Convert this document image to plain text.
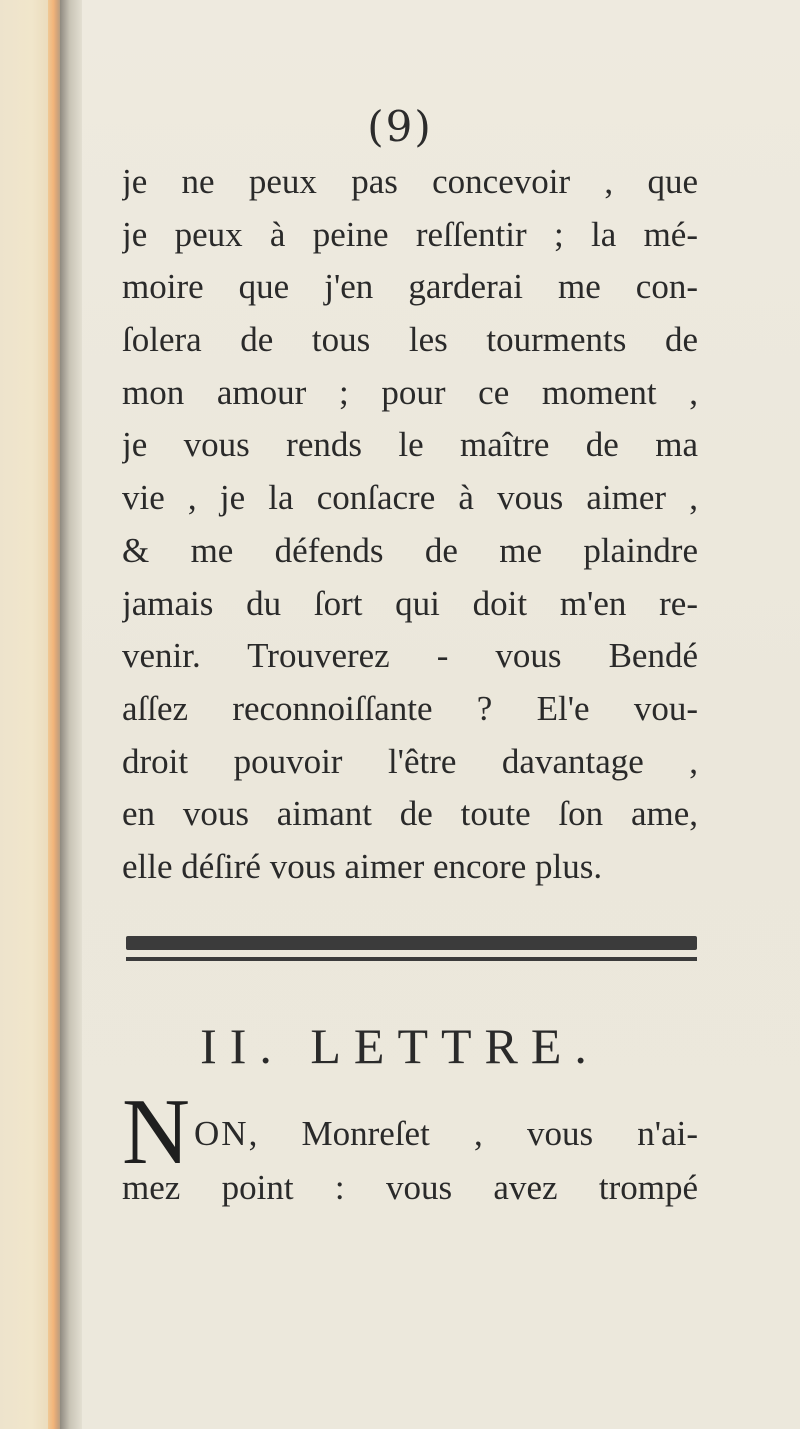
(9)
je ne peux pas concevoir , que
je peux à peine reſſentir ; la mé-
moire que j'en garderai me con-
ſolera de tous les tourments de
mon amour ; pour ce moment ,
je vous rends le maître de ma
vie , je la conſacre à vous aimer ,
& me défends de me plaindre
jamais du ſort qui doit m'en re-
venir. Trouverez - vous Bendé
aſſez reconnoiſſante ? El'e vou-
droit pouvoir l'être davantage ,
en vous aimant de toute ſon ame,
elle déſiré vous aimer encore plus.
II. LETTRE.
N ON, Monreſet , vous n'ai-
mez point : vous avez trompé
